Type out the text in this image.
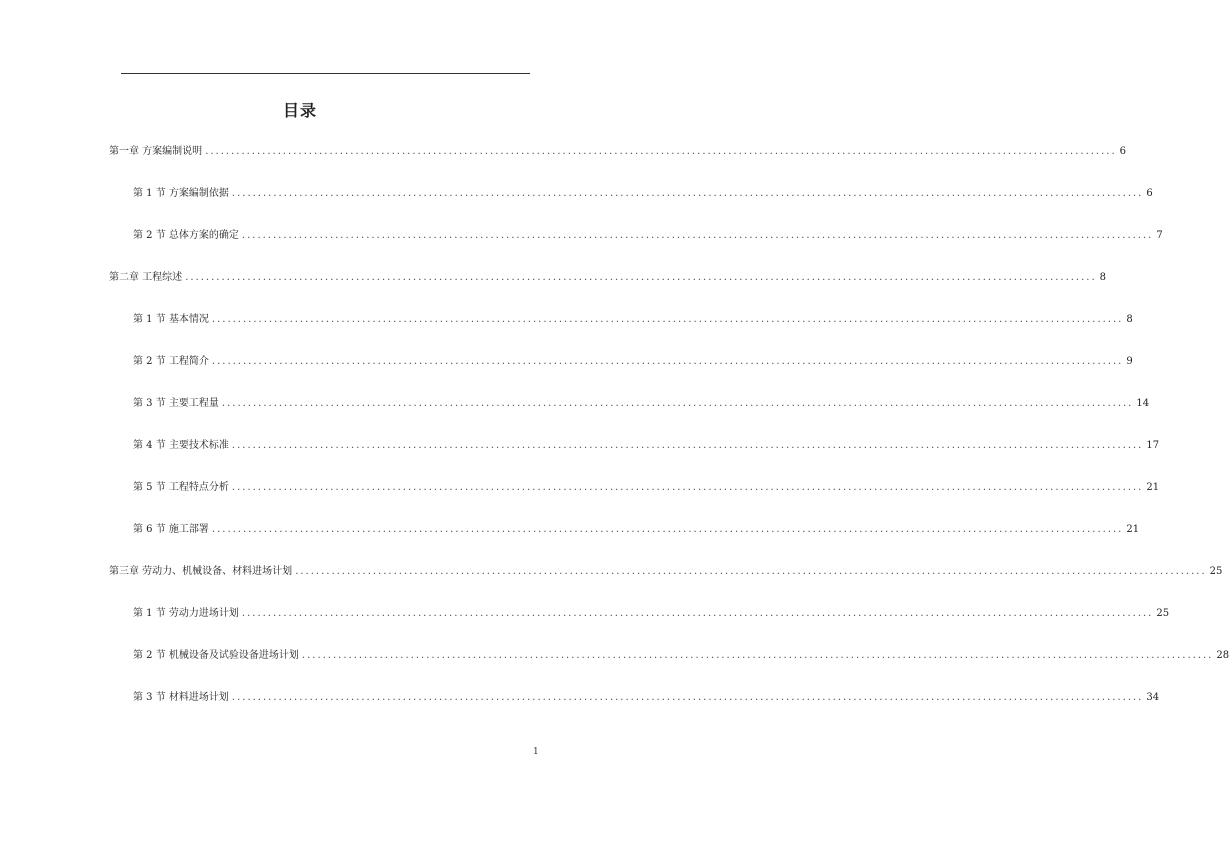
目录
第一章 方案编制说明 ................................................................................................................................................................................ 6
第 1 节 方案编制依据 ................................................................................................................................................................................ 6
第 2 节 总体方案的确定 ................................................................................................................................................................................ 7
第二章 工程综述 ................................................................................................................................................................................ 8
第 1 节 基本情况 ................................................................................................................................................................................ 8
第 2 节 工程简介 ................................................................................................................................................................................ 9
第 3 节 主要工程量 ................................................................................................................................................................................ 14
第 4 节 主要技术标准 ................................................................................................................................................................................ 17
第 5 节 工程特点分析 ................................................................................................................................................................................ 21
第 6 节 施工部署 ................................................................................................................................................................................ 21
第三章 劳动力、机械设备、材料进场计划 ................................................................................................................................................................................ 25
第 1 节 劳动力进场计划 ................................................................................................................................................................................ 25
第 2 节 机械设备及试验设备进场计划 ................................................................................................................................................................................ 28
第 3 节 材料进场计划 ................................................................................................................................................................................ 34
1
